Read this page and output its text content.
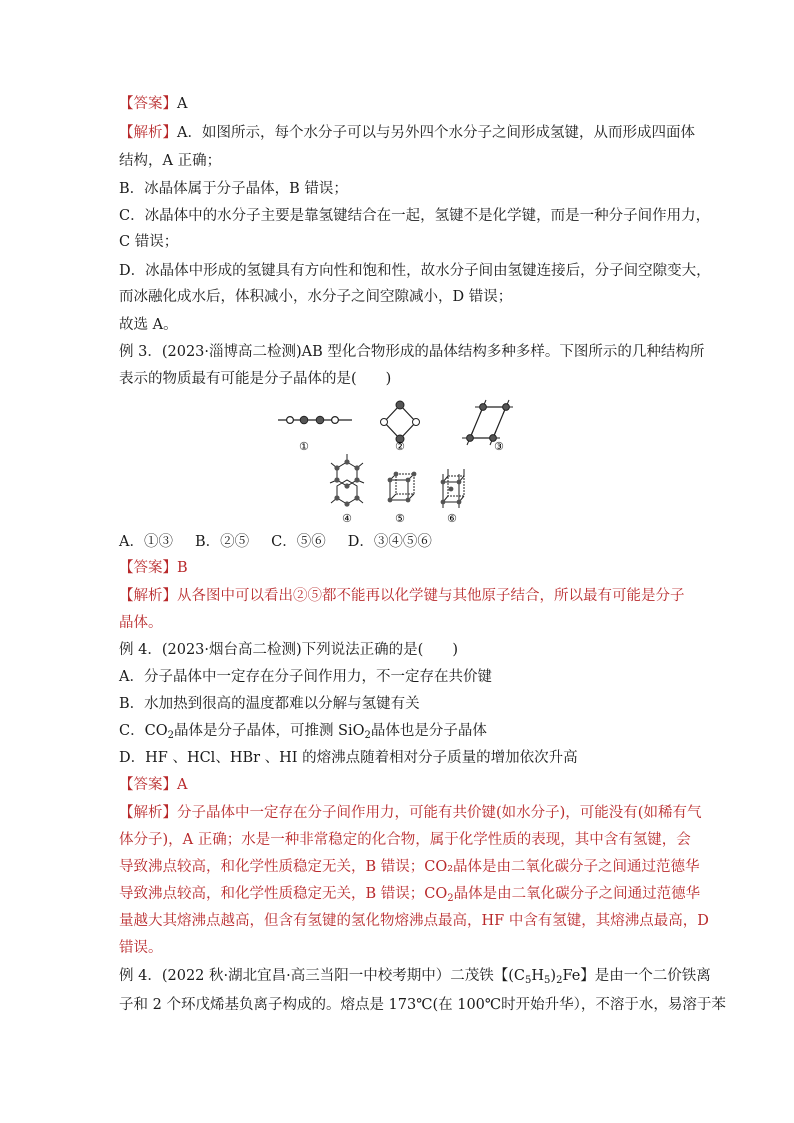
【答案】A
【解析】A．如图所示，每个水分子可以与另外四个水分子之间形成氢键，从而形成四面体
结构，A 正确；
B．冰晶体属于分子晶体，B 错误；
C．冰晶体中的水分子主要是靠氢键结合在一起，氢键不是化学键，而是一种分子间作用力，
C 错误；
D．冰晶体中形成的氢键具有方向性和饱和性，故水分子间由氢键连接后，分子间空隙变大，
而冰融化成水后，体积减小，水分子之间空隙减小，D 错误；
故选 A。
例 3．(2023·淄博高二检测)AB 型化合物形成的晶体结构多种多样。下图所示的几种结构所
表示的物质最有可能是分子晶体的是(　　)
①	②	③
④	⑤	⑥
A．①③ B．②⑤ C．⑤⑥ D．③④⑤⑥
【答案】B
【解析】从各图中可以看出②⑤都不能再以化学键与其他原子结合，所以最有可能是分子
晶体。
例 4．(2023·烟台高二检测)下列说法正确的是(　　)
A．分子晶体中一定存在分子间作用力，不一定存在共价键
B．水加热到很高的温度都难以分解与氢键有关
C．$CO_2$晶体是分子晶体，可推测 SiO$_2$晶体也是分子晶体
D．HF 、HCl、HBr 、HI 的熔沸点随着相对分子质量的增加依次升高
【答案】A
【解析】分子晶体中一定存在分子间作用力，可能有共价键(如水分子)，可能没有(如稀有气
体分子)，A 正确；水是一种非常稳定的化合物，属于化学性质的表现，其中含有氢键，会
导致沸点较高，和化学性质稳定无关，B 错误；CO₂晶体是由二氧化碳分子之间通过范德华
导致沸点较高，和化学性质稳定无关，B 错误；$CO_2$晶体是由二氧化碳分子之间通过范德华
量越大其熔沸点越高，但含有氢键的氢化物熔沸点最高，HF 中含有氢键，其熔沸点最高，D
错误。
例 4．(2022 秋·湖北宜昌·高三当阳一中校考期中）二茂铁【$(C_5H_5)_2Fe$】是由一个二价铁离
子和 2 个环戊烯基负离子构成的。熔点是 173℃(在 100℃时开始升华），不溶于水，易溶于苯
